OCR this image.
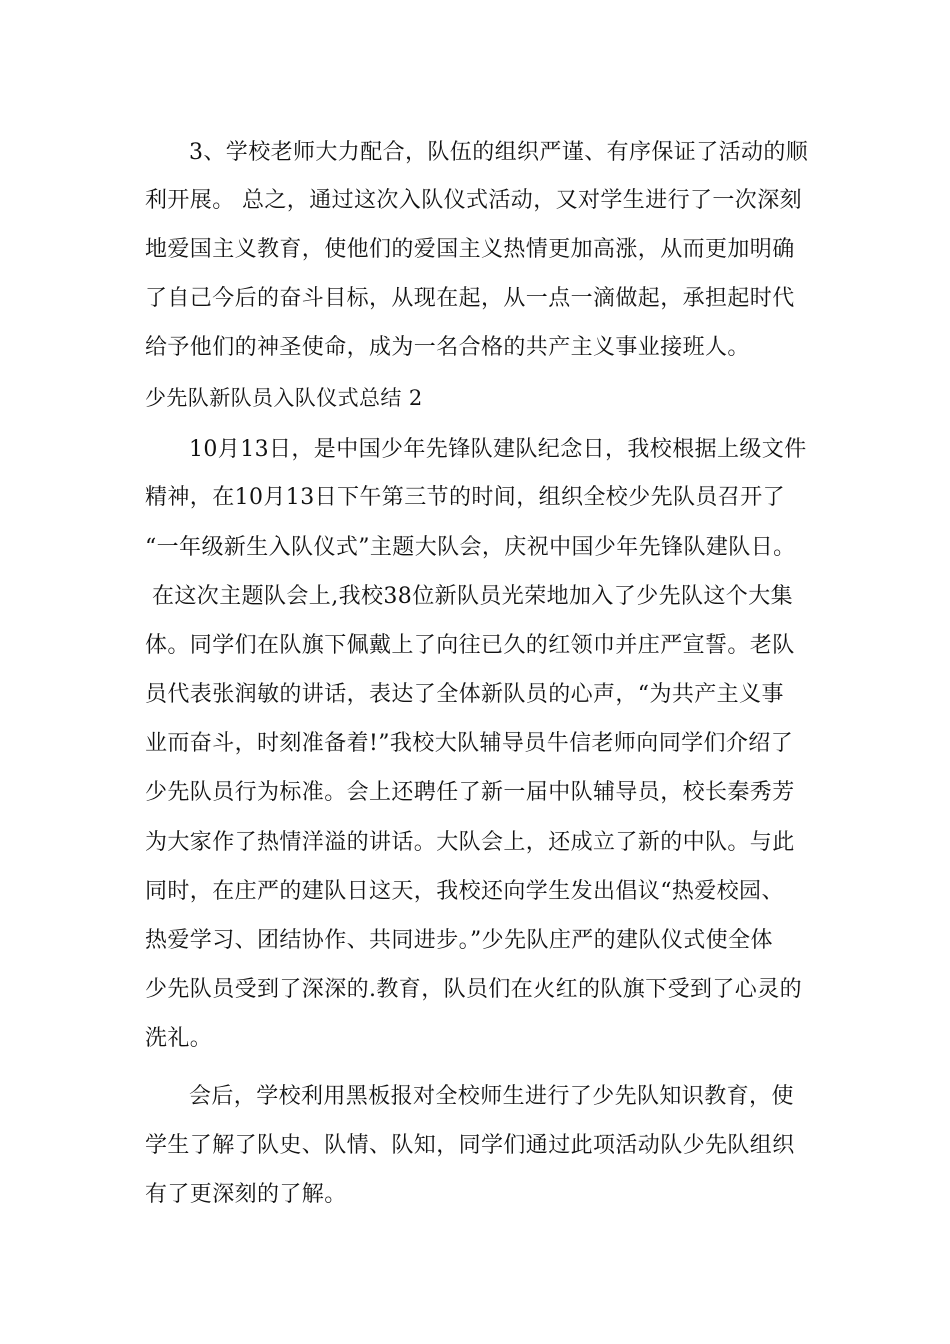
3、学校老师大力配合，队伍的组织严谨、有序保证了活动的顺
利开展。 总之，通过这次入队仪式活动，又对学生进行了一次深刻
地爱国主义教育，使他们的爱国主义热情更加高涨，从而更加明确
了自己今后的奋斗目标，从现在起，从一点一滴做起，承担起时代
给予他们的神圣使命，成为一名合格的共产主义事业接班人。
少先队新队员入队仪式总结 2
10月13日，是中国少年先锋队建队纪念日，我校根据上级文件
精神，在10月13日下午第三节的时间，组织全校少先队员召开了
“一年级新生入队仪式”主题大队会，庆祝中国少年先锋队建队日。
在这次主题队会上,我校38位新队员光荣地加入了少先队这个大集
体。同学们在队旗下佩戴上了向往已久的红领巾并庄严宣誓。老队
员代表张润敏的讲话，表达了全体新队员的心声，“为共产主义事
业而奋斗，时刻准备着!”我校大队辅导员牛信老师向同学们介绍了
少先队员行为标准。会上还聘任了新一届中队辅导员，校长秦秀芳
为大家作了热情洋溢的讲话。大队会上，还成立了新的中队。与此
同时，在庄严的建队日这天，我校还向学生发出倡议“热爱校园、
热爱学习、团结协作、共同进步。”少先队庄严的建队仪式使全体
少先队员受到了深深的.教育，队员们在火红的队旗下受到了心灵的
洗礼。
会后，学校利用黑板报对全校师生进行了少先队知识教育，使
学生了解了队史、队情、队知，同学们通过此项活动队少先队组织
有了更深刻的了解。
